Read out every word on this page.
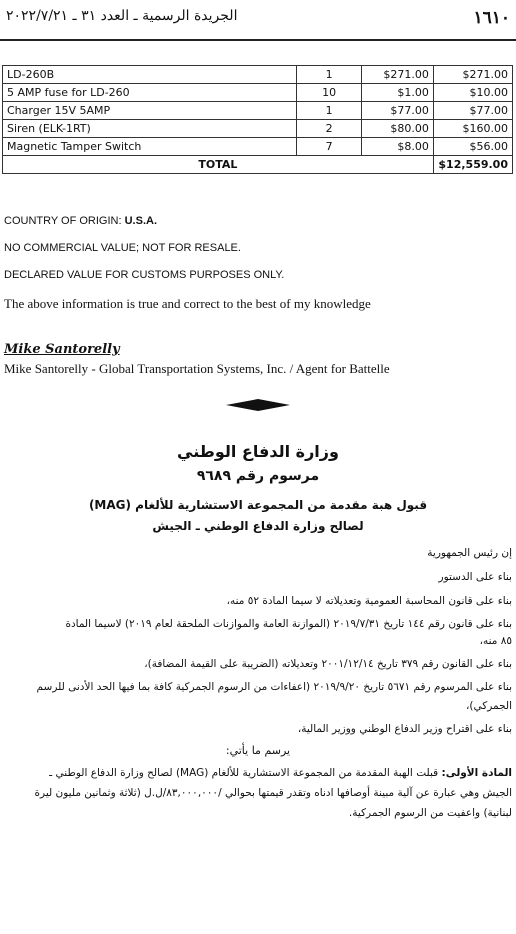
الجريدة الرسمية ـ العدد ٣١ ـ ٢٠٢٢/٧/٢١	١٦١٠
LD-260B	1	$271.00	$271.00
5 AMP fuse for LD-260	10	$1.00	$10.00
Charger 15V 5AMP	1	$77.00	$77.00
Siren (ELK-1RT)	2	$80.00	$160.00
Magnetic Tamper Switch	7	$8.00	$56.00
TOTAL			$12,559.00
COUNTRY OF ORIGIN: U.S.A.
NO COMMERCIAL VALUE; NOT FOR RESALE.
DECLARED VALUE FOR CUSTOMS PURPOSES ONLY.
The above information is true and correct to the best of my knowledge
Mike Santorelly
Mike Santorelly - Global Transportation Systems, Inc. / Agent for Battelle
وزارة الدفاع الوطني
مرسوم رقم ٩٦٨٩
قبول هبة مقدمة من المجموعة الاستشارية للألغام (MAG)
لصالح وزارة الدفاع الوطني ـ الجيش
إن رئيس الجمهورية
بناء على الدستور
بناء على قانون المحاسبة العمومية وتعديلاته لا سيما المادة ٥٢ منه،
بناء على قانون رقم ١٤٤ تاريخ ٢٠١٩/٧/٣١ (الموازنة العامة والموازنات الملحقة لعام ٢٠١٩) لاسيما المادة
٨٥ منه،
بناء على القانون رقم ٣٧٩ تاريخ ٢٠٠١/١٢/١٤ وتعديلاته (الضريبة على القيمة المضافة)،
بناء على المرسوم رقم ٥٦٧١ تاريخ ٢٠١٩/٩/٢٠ (اعفاءات من الرسوم الجمركية كافة بما فيها الحد الأدنى للرسم
الجمركي)،
بناء على اقتراح وزير الدفاع الوطني ووزير المالية،
يرسم ما يأتي:
المادة الأولى: قبلت الهبة المقدمة من المجموعة الاستشارية للألغام (MAG) لصالح وزارة الدفاع الوطني ـ
الجيش وهي عبارة عن آلية مبينة أوصافها ادناه وتقدر قيمتها بحوالي /٨٣,٠٠٠,٠٠٠/ل.ل (ثلاثة وثمانين مليون ليرة
لبنانية) واعفيت من الرسوم الجمركية.
